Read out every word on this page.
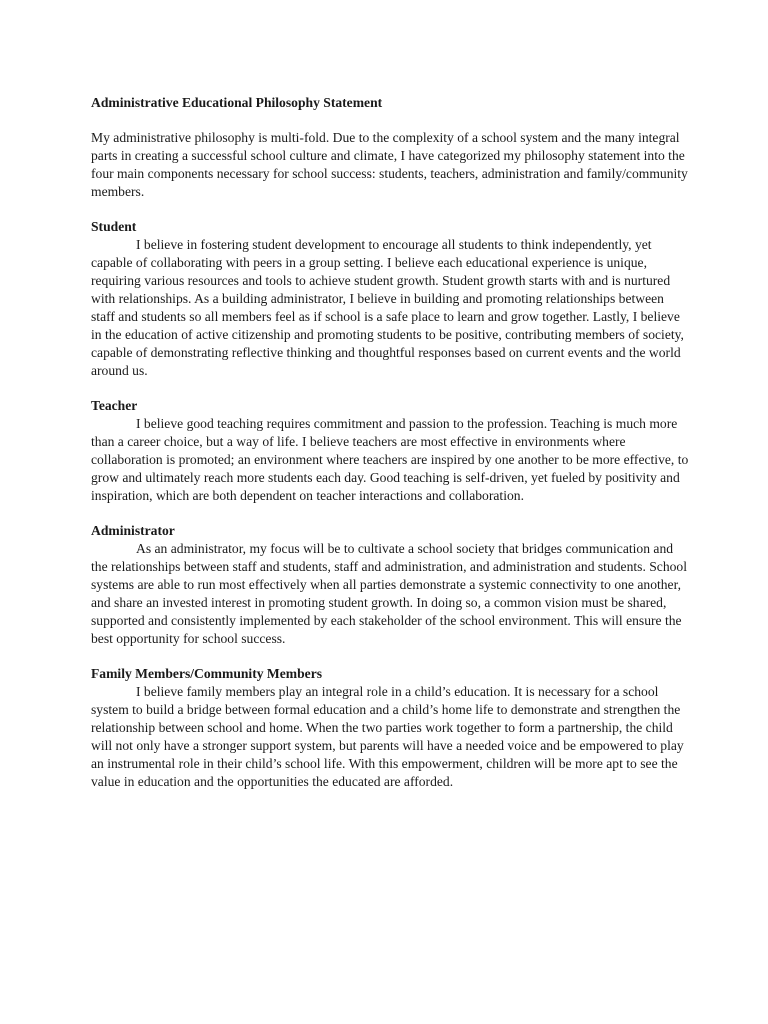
Administrative Educational Philosophy Statement

My administrative philosophy is multi-fold. Due to the complexity of a school system and the many integral parts in creating a successful school culture and climate, I have categorized my philosophy statement into the four main components necessary for school success: students, teachers, administration and family/community members.

Student

I believe in fostering student development to encourage all students to think independently, yet capable of collaborating with peers in a group setting. I believe each educational experience is unique, requiring various resources and tools to achieve student growth. Student growth starts with and is nurtured with relationships. As a building administrator, I believe in building and promoting relationships between staff and students so all members feel as if school is a safe place to learn and grow together. Lastly, I believe in the education of active citizenship and promoting students to be positive, contributing members of society, capable of demonstrating reflective thinking and thoughtful responses based on current events and the world around us.

Teacher

I believe good teaching requires commitment and passion to the profession. Teaching is much more than a career choice, but a way of life. I believe teachers are most effective in environments where collaboration is promoted; an environment where teachers are inspired by one another to be more effective, to grow and ultimately reach more students each day. Good teaching is self-driven, yet fueled by positivity and inspiration, which are both dependent on teacher interactions and collaboration.

Administrator

As an administrator, my focus will be to cultivate a school society that bridges communication and the relationships between staff and students, staff and administration, and administration and students. School systems are able to run most effectively when all parties demonstrate a systemic connectivity to one another, and share an invested interest in promoting student growth. In doing so, a common vision must be shared, supported and consistently implemented by each stakeholder of the school environment. This will ensure the best opportunity for school success.

Family Members/Community Members

I believe family members play an integral role in a child’s education. It is necessary for a school system to build a bridge between formal education and a child’s home life to demonstrate and strengthen the relationship between school and home. When the two parties work together to form a partnership, the child will not only have a stronger support system, but parents will have a needed voice and be empowered to play an instrumental role in their child’s school life. With this empowerment, children will be more apt to see the value in education and the opportunities the educated are afforded.
